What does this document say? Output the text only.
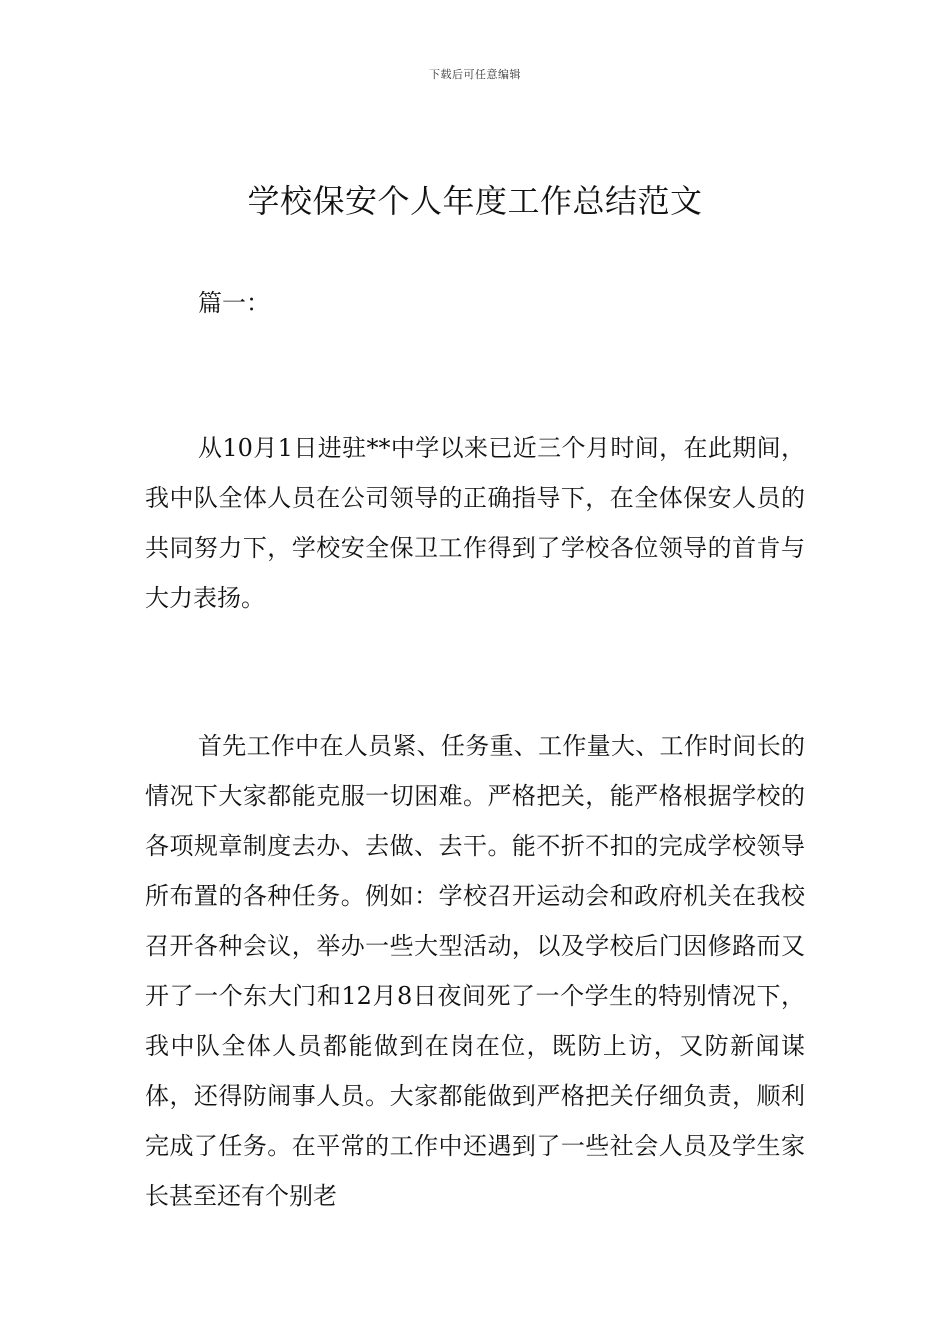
下载后可任意编辑
学校保安个人年度工作总结范文

篇一：

从10月1日进驻**中学以来已近三个月时间，在此期间，我中队全体人员在公司领导的正确指导下，在全体保安人员的共同努力下，学校安全保卫工作得到了学校各位领导的首肯与大力表扬。

首先工作中在人员紧、任务重、工作量大、工作时间长的情况下大家都能克服一切困难。严格把关，能严格根据学校的各项规章制度去办、去做、去干。能不折不扣的完成学校领导所布置的各种任务。例如：学校召开运动会和政府机关在我校召开各种会议，举办一些大型活动，以及学校后门因修路而又开了一个东大门和12月8日夜间死了一个学生的特别情况下，我中队全体人员都能做到在岗在位，既防上访，又防新闻谋体，还得防闹事人员。大家都能做到严格把关仔细负责，顺利完成了任务。在平常的工作中还遇到了一些社会人员及学生家长甚至还有个别老
